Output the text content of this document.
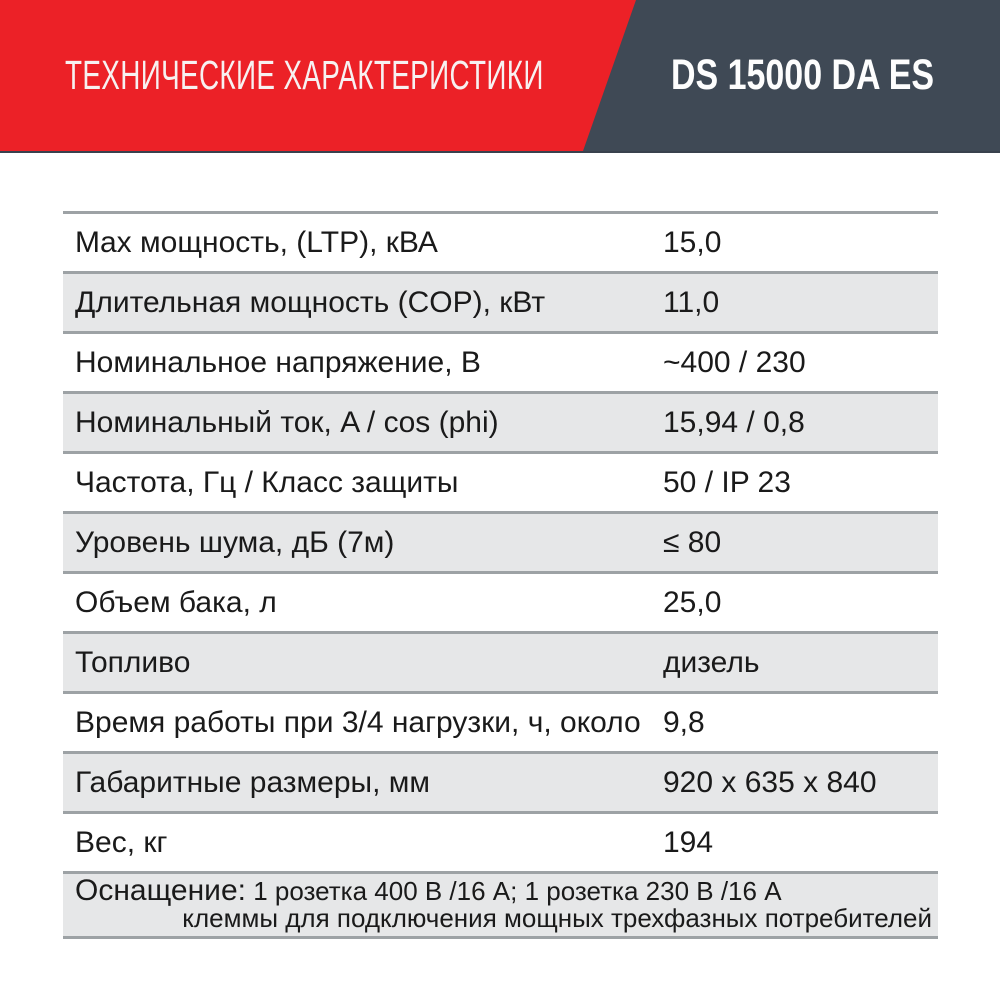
ТЕХНИЧЕСКИЕ ХАРАКТЕРИСТИКИ	DS 15000 DA ES
Max мощность, (LTP), кВА	15,0
Длительная мощность (COP), кВт	11,0
Номинальное напряжение, В	~400 / 230
Номинальный ток, A / cos (phi)	15,94 / 0,8
Частота, Гц / Класс защиты	50 / IP 23
Уровень шума, дБ (7м)	≤ 80
Объем бака, л	25,0
Топливо	дизель
Время работы при 3/4 нагрузки, ч, около 9,8
Габаритные размеры, мм	920 x 635 x 840
Вес, кг	194
Оснащение: 1 розетка 400 В /16 А; 1 розетка 230 В /16 А
клеммы для подключения мощных трехфазных потребителей
